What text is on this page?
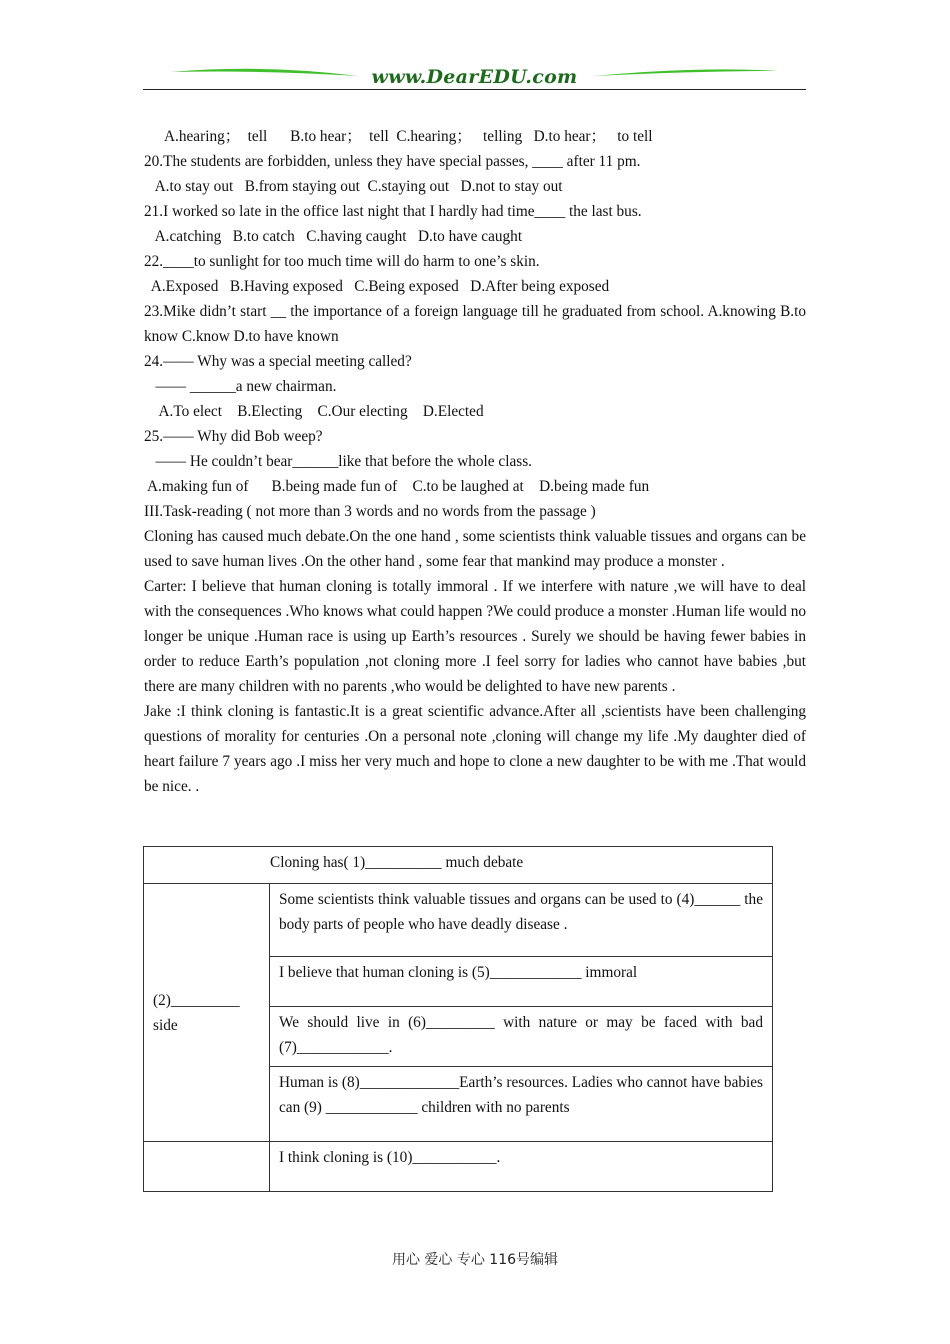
www.DearEDU.com
A.hearing；  tell      B.to hear；  tell  C.hearing；   telling   D.to hear；   to tell
20.The students are forbidden, unless they have special passes, ____ after 11 pm.
A.to stay out   B.from staying out  C.staying out   D.not to stay out
21.I worked so late in the office last night that I hardly had time____ the last bus.
A.catching   B.to catch   C.having caught   D.to have caught
22.____to sunlight for too much time will do harm to one’s skin.
A.Exposed   B.Having exposed   C.Being exposed   D.After being exposed

23.Mike didn’t start __ the importance of a foreign language till he graduated from school. A.knowing B.to know C.know D.to have known

24.—— Why was a special meeting called?
—— ______a new chairman.
A.To elect    B.Electing    C.Our electing    D.Elected
25.—— Why did Bob weep?
—— He couldn’t bear______like that before the whole class.
A.making fun of      B.being made fun of    C.to be laughed at    D.being made fun
III.Task-reading ( not more than 3 words and no words from the passage )

Cloning has caused much debate.On the one hand , some scientists think valuable tissues and organs can be used to save human lives .On the other hand , some fear that mankind may produce a monster .

Carter: I believe that human cloning is totally immoral . If we interfere with nature ,we will have to deal with the consequences .Who knows what could happen ?We could produce a monster .Human life would no longer be unique .Human race is using up Earth’s resources . Surely we should be having fewer babies in order to reduce Earth’s population ,not cloning more .I feel sorry for ladies who cannot have babies ,but there are many children with no parents ,who would be delighted to have new parents .

Jake :I think cloning is fantastic.It is a great scientific advance.After all ,scientists have been challenging questions of morality for centuries .On a personal note ,cloning will change my life .My daughter died of heart failure 7 years ago .I miss her very much and hope to clone a new daughter to be with me .That would be nice. .

Cloning has( 1)__________ much debate	

(2)_________ side	Some scientists think valuable tissues and organs can be used to (4)______ the body parts of people who have deadly disease .

	I believe that human cloning is (5)____________ immoral

	We should live in (6)_________ with nature or may be faced with bad (7)____________.

	Human is (8)_____________Earth’s resources. Ladies who cannot have babies can (9) ____________ children with no parents

	I think cloning is (10)___________.
用心 爱心 专心 116号编辑
